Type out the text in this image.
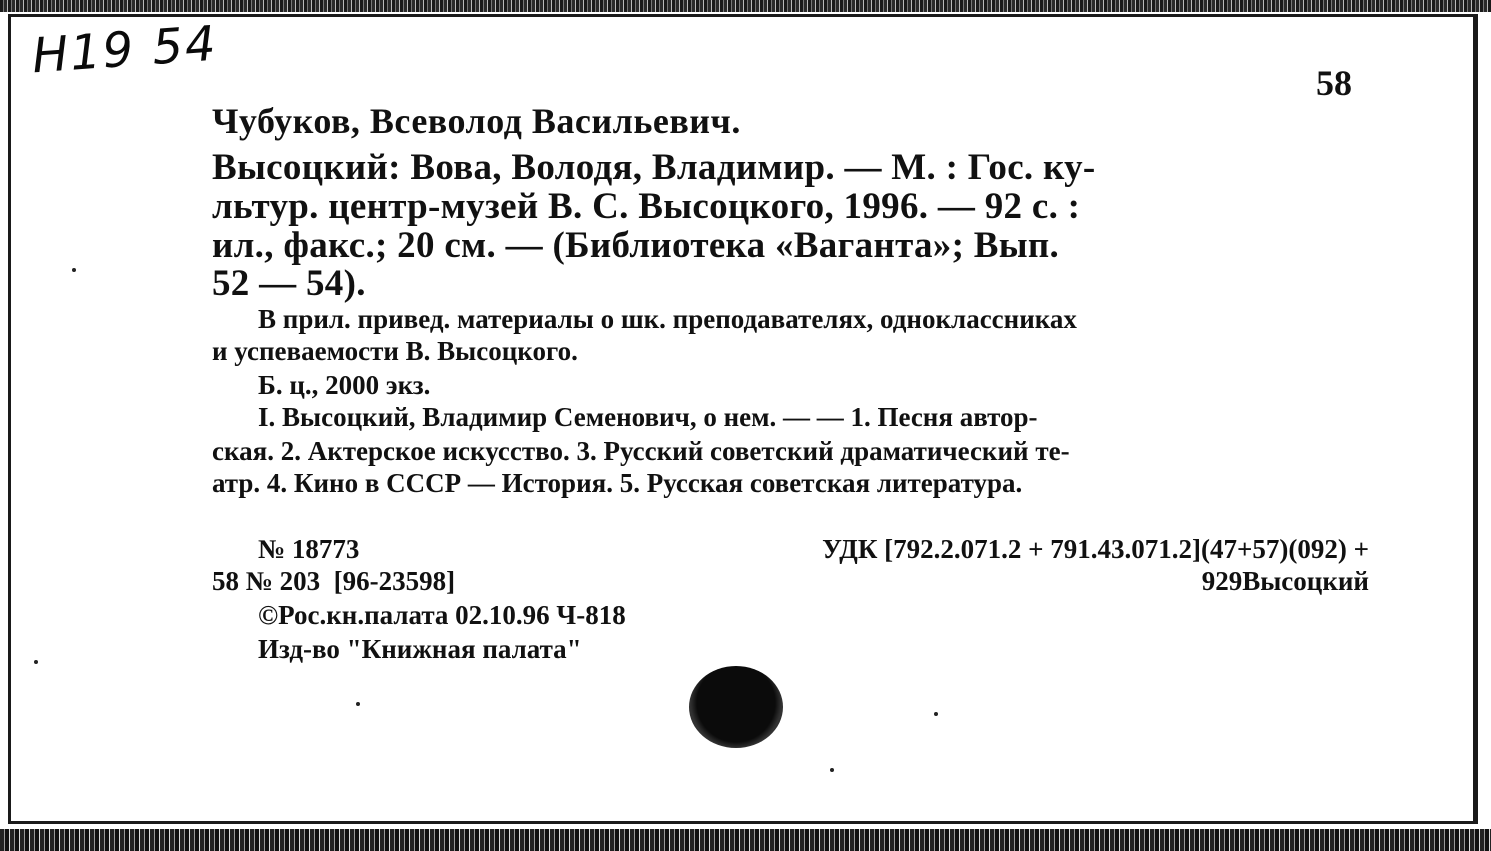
Н19 54
58
Чубуков, Всеволод Васильевич.
Высоцкий: Вова, Володя, Владимир. — М. : Гос. ку-
льтур. центр-музей В. С. Высоцкого, 1996. — 92 с. :
ил., факс.; 20 см. — (Библиотека «Ваганта»; Вып.
52 — 54).
В прил. привед. материалы о шк. преподавателях, одноклассниках
и успеваемости В. Высоцкого.
Б. ц., 2000 экз.
I. Высоцкий, Владимир Семенович, о нем. — — 1. Песня автор-
ская. 2. Актерское искусство. 3. Русский советский драматический те-
атр. 4. Кино в СССР — История. 5. Русская советская литература.
№ 18773	УДК [792.2.071.2 + 791.43.071.2](47+57)(092) +
58 № 203  [96-23598]	929Высоцкий
©Рос.кн.палата 02.10.96 Ч-818
Изд-во "Книжная палата"
